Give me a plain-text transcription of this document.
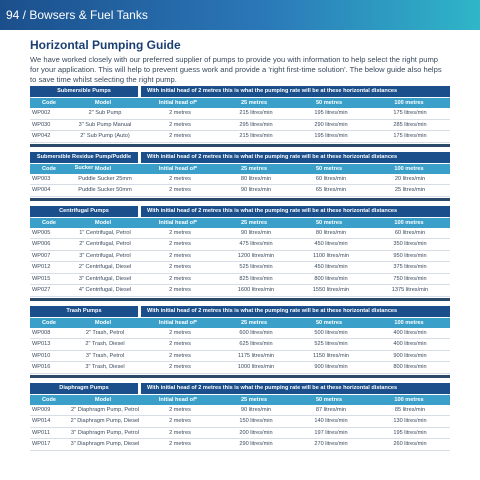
94 / Bowsers & Fuel Tanks
Horizontal Pumping Guide
We have worked closely with our preferred supplier of pumps to provide you with information to help select the right pump for your application. This will help to prevent guess work and provide a 'right first-time solution'. The below guide also helps to save time whilst selecting the right pump.
Submersible Pumps	With initial head of 2 metres this is what the pumping rate will be at these horizontal distances
Code	Model	Initial head of*	25 metres	50 metres	100 metres
WP002	2" Sub Pump	2 metres	215 litres/min	195 litres/min	175 litres/min
WP030	3" Sub Pump Manual	2 metres	295 litres/min	290 litres/min	285 litres/min
WP042	2" Sub Pump (Auto)	2 metres	215 litres/min	195 litres/min	175 litres/min
Submersible Residue Pump/Puddle Sucker
With initial head of 2 metres this is what the pumping rate will be at these horizontal distances
Code	Model	Initial head of*	25 metres	50 metres	100 metres
WP003	Puddle Sucker 25mm	2 metres	80 litres/min	60 litres/min	20 litres/min
WP004	Puddle Sucker 50mm	2 metres	90 litres/min	65 litres/min	25 litres/min
Centrifugal Pumps	With initial head of 2 metres this is what the pumping rate will be at these horizontal distances
Code	Model	Initial head of*	25 metres	50 metres	100 metres
WP005	1" Centrifugal, Petrol	2 metres	90 litres/min	80 litres/min	60 litres/min
WP006	2" Centrifugal, Petrol	2 metres	475 litres/min	450 litres/min	350 litres/min
WP007	3" Centrifugal, Petrol	2 metres	1200 litres/min	1100 litres/min	950 litres/min
WP012	2" Centrifugal, Diesel	2 metres	525 litres/min	450 litres/min	375 litres/min
WP015	3" Centrifugal, Diesel	2 metres	825 litres/min	800 litres/min	750 litres/min
WP027	4" Centrifugal, Diesel	2 metres	1600 litres/min	1550 litres/min	1375 litres/min
Trash Pumps	With initial head of 2 metres this is what the pumping rate will be at these horizontal distances
Code	Model	Initial head of*	25 metres	50 metres	100 metres
WP008	2" Trash, Petrol	2 metres	600 litres/min	500 litres/min	400 litres/min
WP013	2" Trash, Diesel	2 metres	625 litres/min	525 litres/min	400 litres/min
WP010	3" Trash, Petrol	2 metres	1175 litres/min	1150 litres/min	900 litres/min
WP016	3" Trash, Diesel	2 metres	1000 litres/min	900 litres/min	800 litres/min
Diaphragm Pumps	With initial head of 2 metres this is what the pumping rate will be at these horizontal distances
Code	Model	Initial head of*	25 metres	50 metres	100 metres
WP009	2" Diaphragm Pump, Petrol	2 metres	90 litres/min	87 litres/min	85 litres/min
WP014	2" Diaphragm Pump, Diesel	2 metres	150 litres/min	140 litres/min	130 litres/min
WP011	3" Diaphragm Pump, Petrol	2 metres	200 litres/min	197 litres/min	195 litres/min
WP017	3" Diaphragm Pump, Diesel	2 metres	290 litres/min	270 litres/min	260 litres/min
